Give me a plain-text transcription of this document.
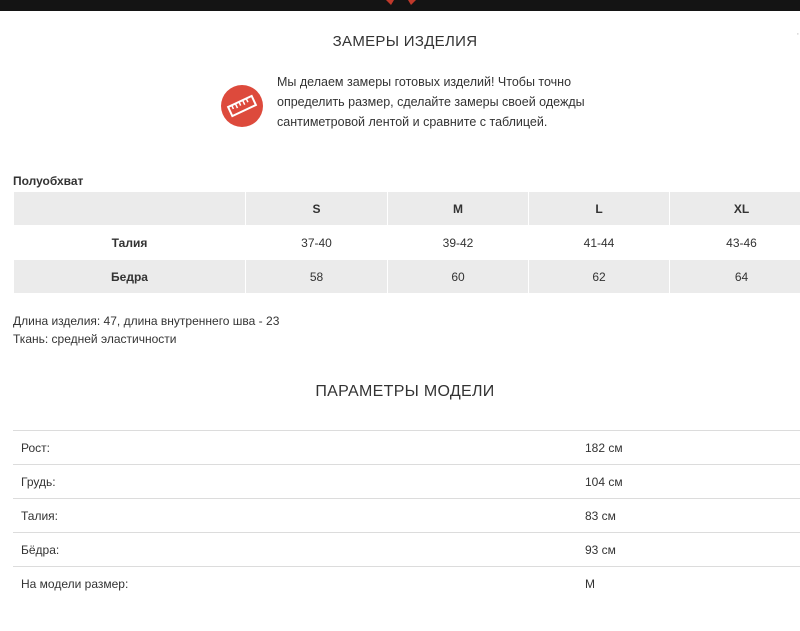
·
ЗАМЕРЫ ИЗДЕЛИЯ
Мы делаем замеры готовых изделий! Чтобы точно определить размер, сделайте замеры своей одежды сантиметровой лентой и сравните с таблицей.
Полуобхват
	S	M	L	XL
Талия	37-40	39-42	41-44	43-46
Бедра	58	60	62	64
Длина изделия: 47, длина внутреннего шва - 23
Ткань: средней эластичности
ПАРАМЕТРЫ МОДЕЛИ
Рост:	182 см
Грудь:	104 см
Талия:	83 см
Бёдра:	93 см
На модели размер:	M
